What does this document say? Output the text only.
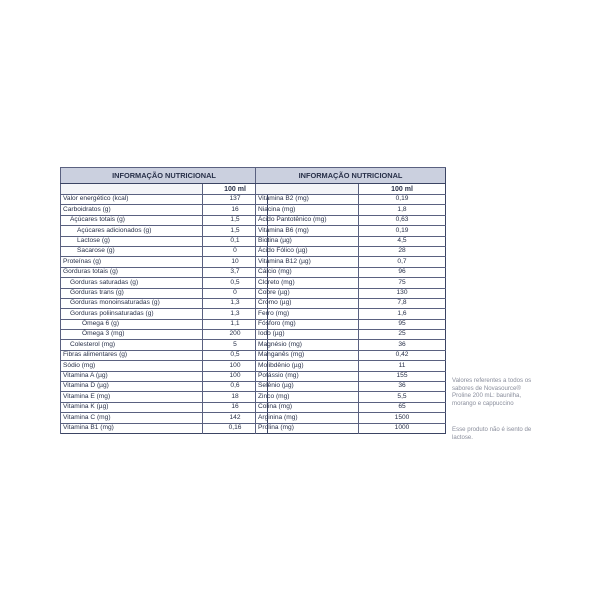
INFORMAÇÃO NUTRICIONAL	
	100 ml
Valor energético (kcal)	137
Carboidratos (g)	16
Açúcares totais (g)	1,5
Açúcares adicionados (g)	1,5
Lactose (g)	0,1
Sacarose (g)	0
Proteínas (g)	10
Gorduras totais (g)	3,7
Gorduras saturadas (g)	0,5
Gorduras trans (g)	0
Gorduras monoinsaturadas (g)	1,3
Gorduras poliinsaturadas (g)	1,3
Ômega 6 (g)	1,1
Ômega 3 (mg)	200
Colesterol (mg)	5
Fibras alimentares (g)	0,5
Sódio (mg)	100
Vitamina A (µg)	100
Vitamina D (µg)	0,6
Vitamina E (mg)	18
Vitamina K (µg)	16
Vitamina C (mg)	142
Vitamina B1 (mg)	0,16
INFORMAÇÃO NUTRICIONAL	
	100 ml
Vitamina B2 (mg)	0,19
Niacina (mg)	1,8
Ácido Pantotênico (mg)	0,63
Vitamina B6 (mg)	0,19
Biotina (µg)	4,5
Ácido Fólico (µg)	28
Vitamina B12 (µg)	0,7
Cálcio (mg)	96
Cloreto (mg)	75
Cobre (µg)	130
Cromo (µg)	7,8
Ferro (mg)	1,6
Fósforo (mg)	95
Iodo (µg)	25
Magnésio (mg)	36
Manganês (mg)	0,42
Molibdênio (µg)	11
Potássio (mg)	155
Selênio (µg)	36
Zinco (mg)	5,5
Colina (mg)	65
Arginina (mg)	1500
Prolina (mg)	1000
Valores referentes a todos os sabores de Novasource® Proline 200 mL: baunilha, morango e cappuccino
Esse produto não é isento de lactose.
